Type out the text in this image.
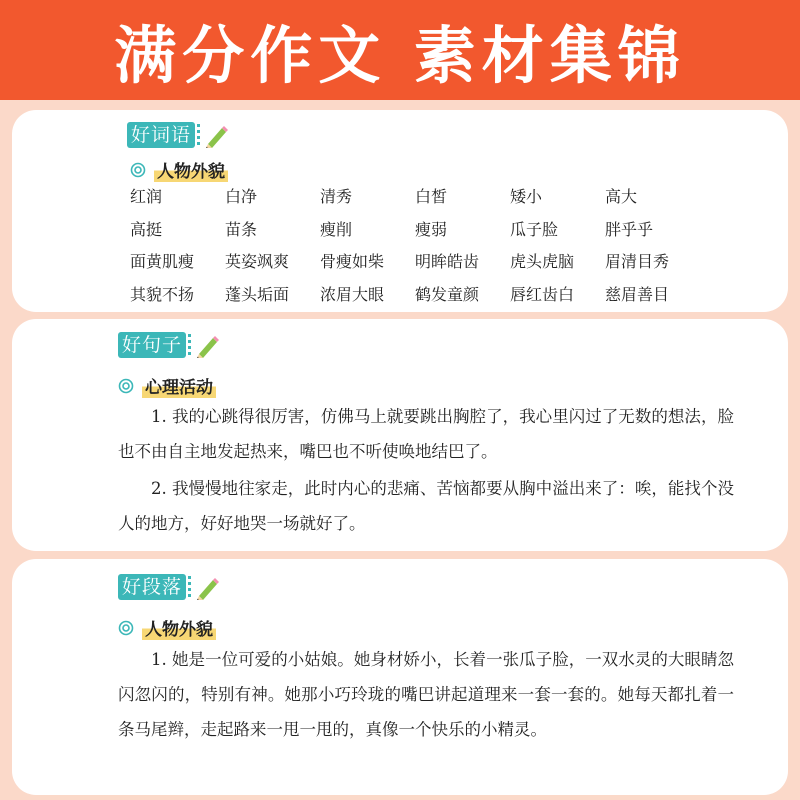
满分作文 素材集锦
好词语
人物外貌
红润	白净	清秀	白皙	矮小	高大
高挺	苗条	瘦削	瘦弱	瓜子脸	胖乎乎
面黄肌瘦	英姿飒爽	骨瘦如柴	明眸皓齿	虎头虎脑	眉清目秀
其貌不扬	蓬头垢面	浓眉大眼	鹤发童颜	唇红齿白	慈眉善目
好句子
心理活动

1. 我的心跳得很厉害，仿佛马上就要跳出胸腔了，我心里闪过了无数的想法，脸也不由自主地发起热来，嘴巴也不听使唤地结巴了。

2. 我慢慢地往家走，此时内心的悲痛、苦恼都要从胸中溢出来了：唉，能找个没人的地方，好好地哭一场就好了。

好段落
人物外貌

1. 她是一位可爱的小姑娘。她身材娇小，长着一张瓜子脸，一双水灵的大眼睛忽闪忽闪的，特别有神。她那小巧玲珑的嘴巴讲起道理来一套一套的。她每天都扎着一条马尾辫，走起路来一甩一甩的，真像一个快乐的小精灵。
